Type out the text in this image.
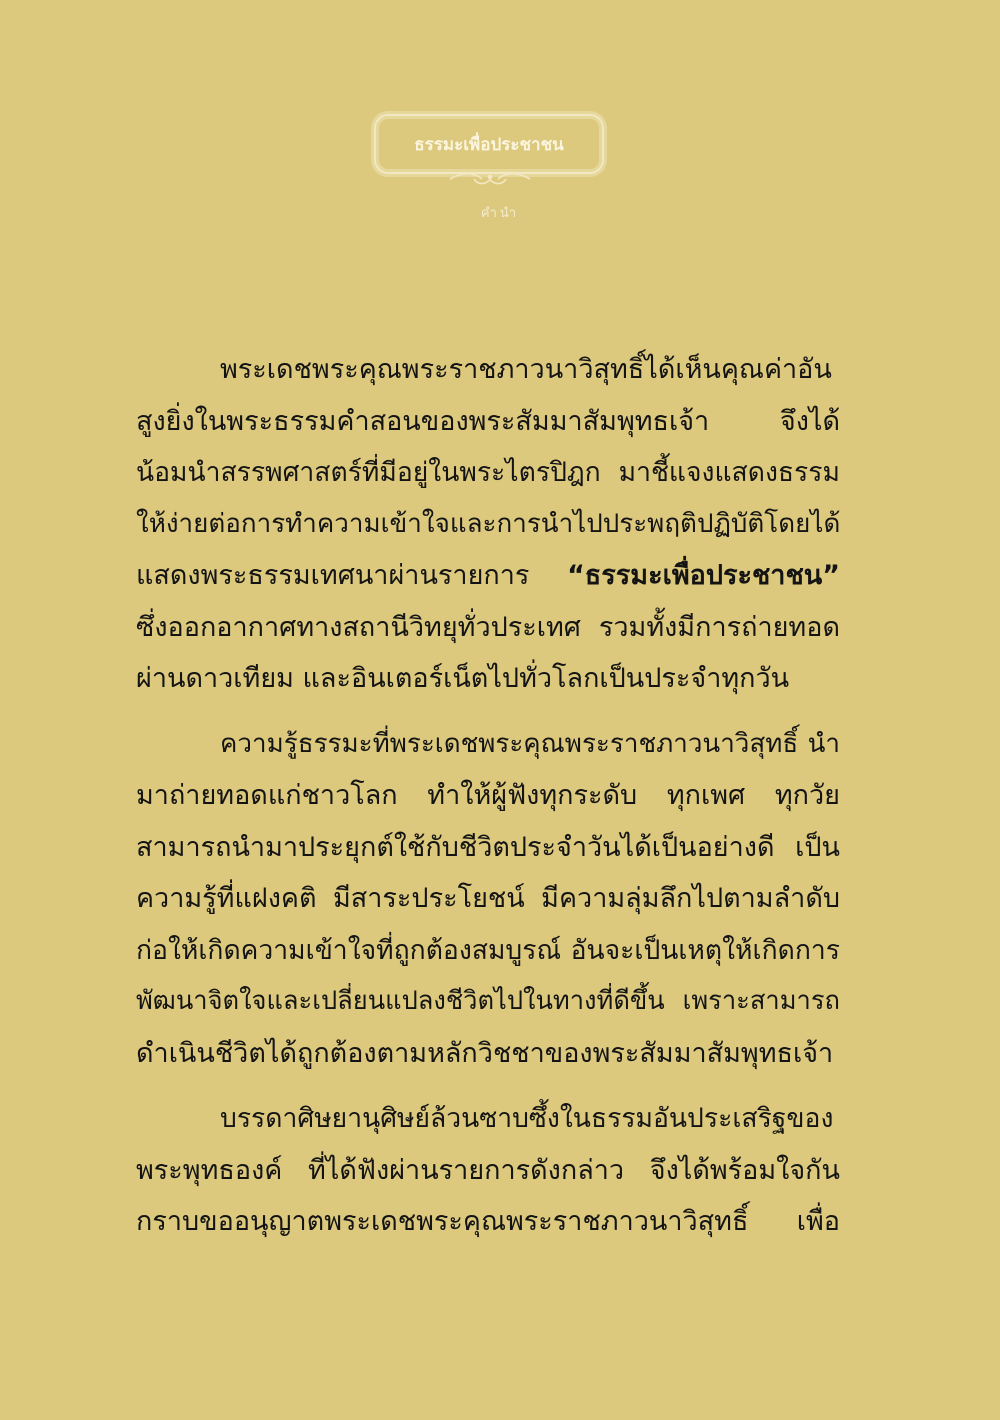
ธรรมะเพื่อประชาชน
คำนำ
พระเดชพระคุณพระราชภาวนาวิสุทธิ์ได้เห็นคุณค่าอัน
สูงยิ่งในพระธรรมคำสอนของพระสัมมาสัมพุทธเจ้า จึงได้
น้อมนำสรรพศาสตร์ที่มีอยู่ในพระไตรปิฎก มาชี้แจงแสดงธรรม
ให้ง่ายต่อการทำความเข้าใจและการนำไปประพฤติปฏิบัติโดยได้
แสดงพระธรรมเทศนาผ่านรายการ “ธรรมะเพื่อประชาชน”
ซึ่งออกอากาศทางสถานีวิทยุทั่วประเทศ รวมทั้งมีการถ่ายทอด
ผ่านดาวเทียม และอินเตอร์เน็ตไปทั่วโลกเป็นประจำทุกวัน
ความรู้ธรรมะที่พระเดชพระคุณพระราชภาวนาวิสุทธิ์ นำ
มาถ่ายทอดแก่ชาวโลก ทำให้ผู้ฟังทุกระดับ ทุกเพศ ทุกวัย
สามารถนำมาประยุกต์ใช้กับชีวิตประจำวันได้เป็นอย่างดี เป็น
ความรู้ที่แฝงคติ มีสาระประโยชน์ มีความลุ่มลึกไปตามลำดับ
ก่อให้เกิดความเข้าใจที่ถูกต้องสมบูรณ์ อันจะเป็นเหตุให้เกิดการ
พัฒนาจิตใจและเปลี่ยนแปลงชีวิตไปในทางที่ดีขึ้น เพราะสามารถ
ดำเนินชีวิตได้ถูกต้องตามหลักวิชชาของพระสัมมาสัมพุทธเจ้า
บรรดาศิษยานุศิษย์ล้วนซาบซึ้งในธรรมอันประเสริฐของ
พระพุทธองค์ ที่ได้ฟังผ่านรายการดังกล่าว จึงได้พร้อมใจกัน
กราบขออนุญาตพระเดชพระคุณพระราชภาวนาวิสุทธิ์ เพื่อ
